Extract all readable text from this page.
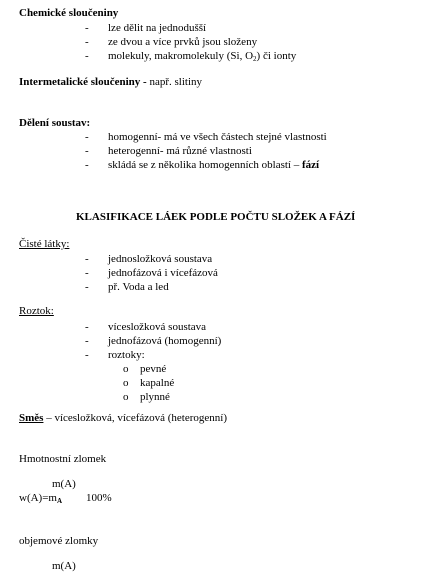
Chemické sloučeniny
- lze dělit na jednodušší
- ze dvou a více prvků jsou složeny
- molekuly, makromolekuly (Si, $O_2$) či ionty
Intermetalické sloučeniny - např. slitiny
Dělení soustav:
- homogenní- má ve všech částech stejné vlastnosti
- heterogenní- má různé vlastnosti
- skládá se z několika homogenních oblastí – fází
KLASIFIKACE LÁEK PODLE POČTU SLOŽEK A FÁZÍ
Čisté látky:
- jednosložková soustava
- jednofázová i vícefázová
- př. Voda a led
Roztok:
- vícesložková soustava
- jednofázová (homogenní)
- roztoky:
o pevné
o kapalné
o plynné
Směs – vícesložková, vícefázová (heterogenní)
Hmotnostní zlomek
m(A)
$w(A)=m_A$ 100%
objemové zlomky
m(A)
